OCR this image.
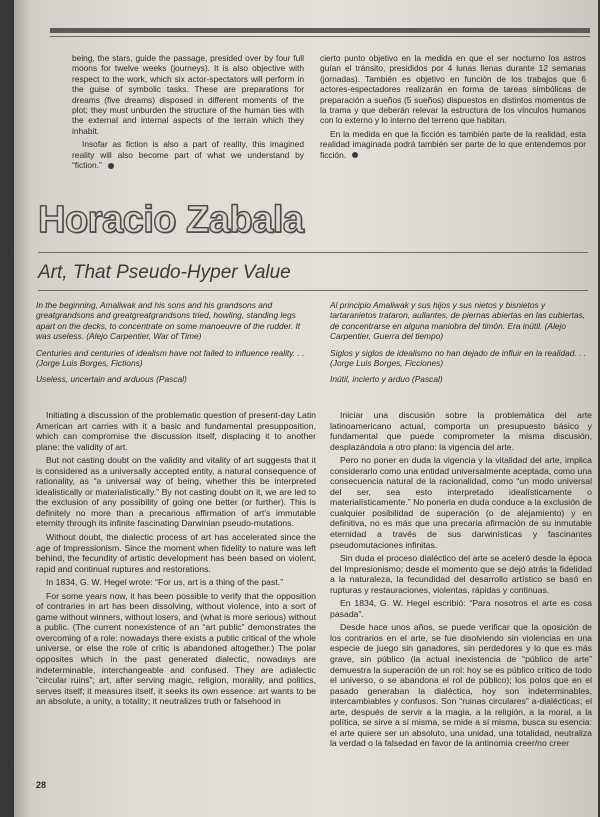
being, the stars, guide the passage, presided over by four full moons for twelve weeks (journeys). It is also objective with respect to the work, which six actor-spectators will perform in the guise of symbolic tasks. These are preparations for dreams (five dreams) disposed in different moments of the plot; they must unburden the structure of the human ties with the external and internal aspects of the terrain which they inhabit.

Insofar as fiction is also a part of reality, this imagined reality will also become part of what we understand by “fiction.”

cierto punto objetivo en la medida en que el ser nocturno los astros guían el tránsito, presididos por 4 lunas llenas durante 12 semanas (jornadas). También es objetivo en función de los trabajos que 6 actores-espectadores realizarán en forma de tareas simbólicas de preparación a sueños (5 sueños) dispuestos en distintos momentos de la trama y que deberán relevar la estructura de los vínculos humanos con lo externo y lo interno del terreno que habitan.

En la medida en que la ficción es también parte de la realidad, esta realidad imaginada podrá también ser parte de lo que entendemos por ficción.

Horacio Zabala
Art, That Pseudo-Hyper Value

In the beginning, Amaliwak and his sons and his grandsons and greatgrandsons and greatgreatgrandsons tried, howling, standing legs apart on the decks, to concentrate on some manoeuvre of the rudder. It was useless. (Alejo Carpentier, War of Time)

Centuries and centuries of idealism have not failed to influence reality. . .(Jorge Luis Borges, Fictions)

Useless, uncertain and arduous (Pascal)

Al principio Amaliwak y sus hijos y sus nietos y bisnietos y tartaranietos trataron, aullantes, de piernas abiertas en las cubiertas, de concentrarse en alguna maniobra del timón. Era inútil. (Alejo Carpentier, Guerra del tiempo)

Siglos y siglos de idealismo no han dejado de influir en la realidad. . .(Jorge Luis Borges, Ficciones)

Inútil, incierto y arduo (Pascal)

Initiating a discussion of the problematic question of present-day Latin American art carries with it a basic and fundamental presupposition, which can compromise the discussion itself, displacing it to another plane: the validity of art.

But not casting doubt on the validity and vitality of art suggests that it is considered as a universally accepted entity, a natural consequence of rationality, as “a universal way of being, whether this be interpreted idealistically or materialistically.” By not casting doubt on it, we are led to the exclusion of any possibility of going one better (or further). This is definitely no more than a precarious affirmation of art’s immutable eternity through its infinite fascinating Darwinian pseudo-mutations.

Without doubt, the dialectic process of art has accelerated since the age of Impressionism. Since the moment when fidelity to nature was left behind, the fecundity of artistic development has been based on violent, rapid and continual ruptures and restorations.

In 1834, G. W. Hegel wrote: “For us, art is a thing of the past.”

For some years now, it has been possible to verify that the opposition of contraries in art has been dissolving, without violence, into a sort of game without winners, without losers, and (what is more serious) without a public. (The current nonexistence of an “art public” demonstrates the overcoming of a role: nowadays there exists a public critical of the whole universe, or else the role of critic is abandoned altogether.) The polar opposites which in the past generated dialectic, nowadays are indeterminable, interchangeable and confused. They are adialectic “circular ruins”; art, after serving magic, religion, morality, and politics, serves itself; it measures itself, it seeks its own essence: art wants to be an absolute, a unity, a totality; it neutralizes truth or falsehood in

Iniciar una discusión sobre la problemática del arte latinoamericano actual, comporta un presupuesto básico y fundamental que puede comprometer la misma discusión, desplazándola a otro plano: la vigencia del arte.

Pero no poner en duda la vigencia y la vitalidad del arte, implica considerarlo como una entidad universalmente aceptada, como una consecuencia natural de la racionalidad, como “un modo universal del ser, sea esto interpretado idealísticamente o materialísticamente.” No ponerla en duda conduce a la exclusión de cualquier posibilidad de superación (o de alejamiento) y en definitiva, no es más que una precaria afirmación de su inmutable eternidad a través de sus darwinísticas y fascinantes pseudomutaciones infinitas.

Sin duda el proceso dialéctico del arte se aceleró desde la época del Impresionismo; desde el momento que se dejó atrás la fidelidad a la naturaleza, la fecundidad del desarrollo artístico se basó en rupturas y restauraciones, violentas, rápidas y continuas.

En 1834, G. W. Hegel escribió: “Para nosotros el arte es cosa pasada”.

Desde hace unos años, se puede verificar que la oposición de los contrarios en el arte, se fue disolviendo sin violencias en una especie de juego sin ganadores, sin perdedores y lo que es más grave, sin público (la actual inexistencia de “público de arte” demuestra la superación de un rol: hoy se es público crítico de todo el universo, o se abandona el rol de público); los polos que en el pasado generaban la dialéctica, hoy son indeterminables, intercambiables y confusos. Son “ruinas circulares” a-dialécticas; el arte, después de servir a la magia, a la religión, a la moral, a la política, se sirve a sí misma, se mide a sí misma, busca su esencia: el arte quiere ser un absoluto, una unidad, una totalidad, neutraliza la verdad o la falsedad en favor de la antinomia creer/no creer

28
